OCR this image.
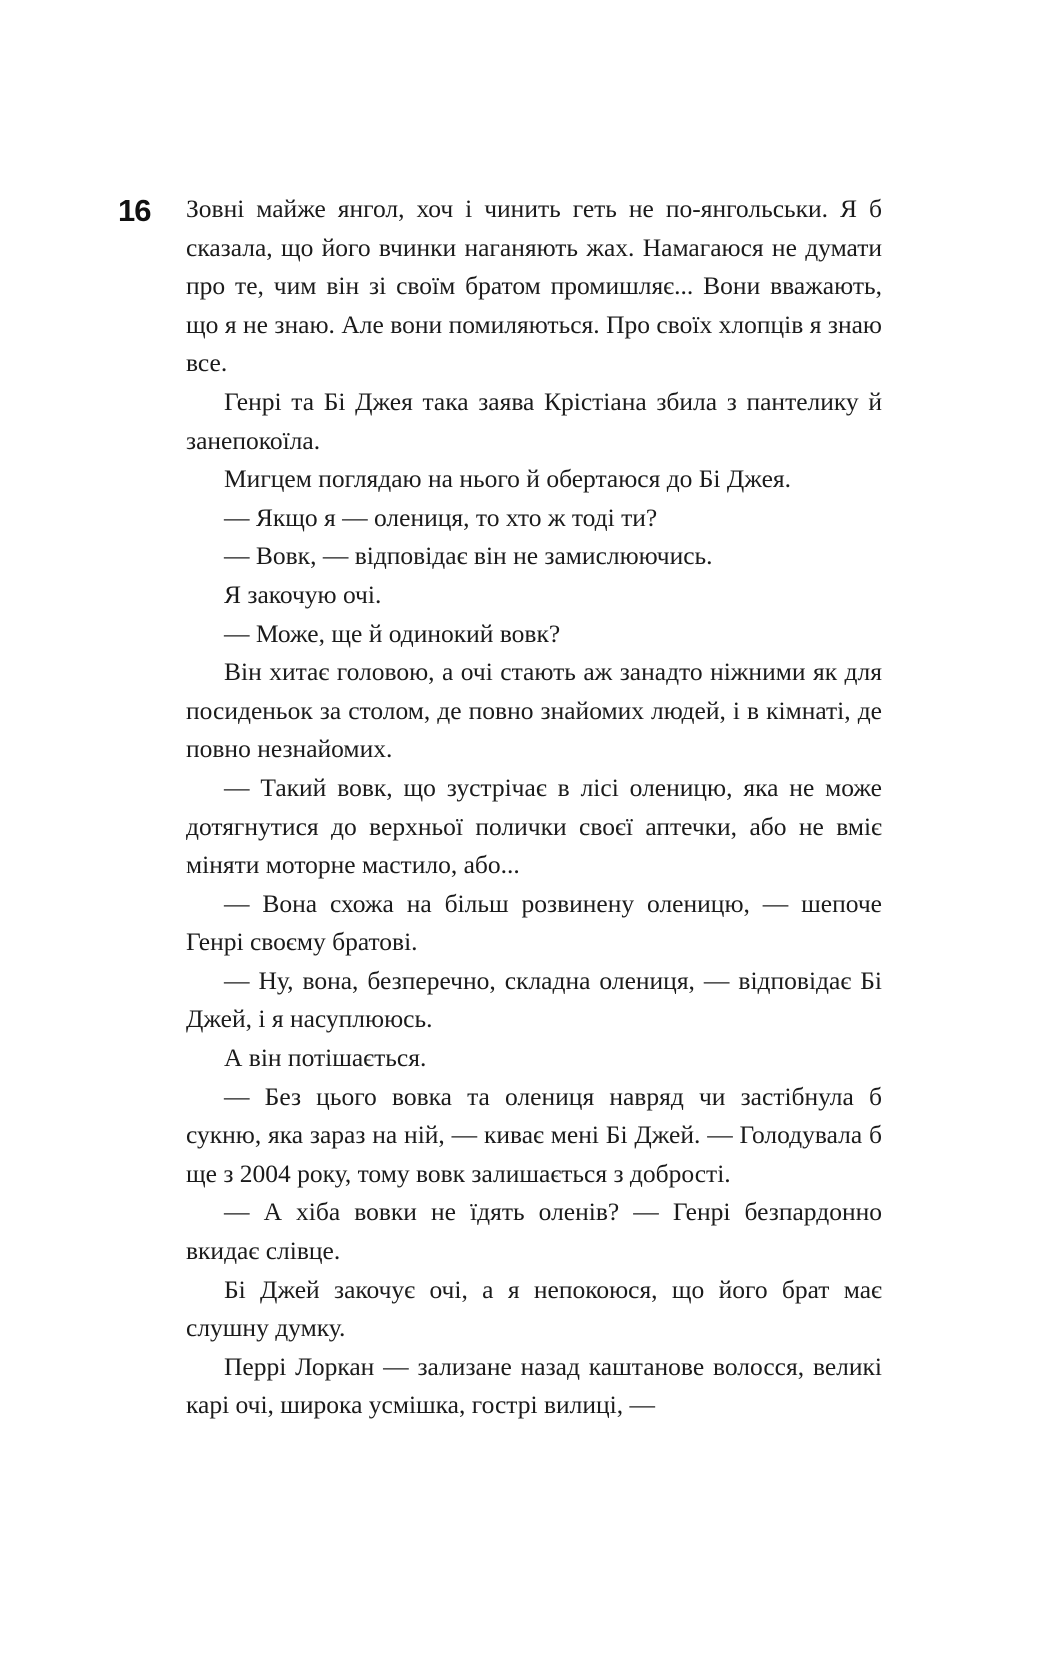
16 Зовні майже янгол, хоч і чинить геть не по-янгольськи. Я б сказала, що його вчинки наганяють жах. Намагаюся не думати про те, чим він зі своїм братом промишляє... Вони вважають, що я не знаю. Але вони помиляються. Про своїх хлопців я знаю все.

Генрі та Бі Джея така заява Крістіана збила з пантелику й занепокоїла.

Мигцем поглядаю на нього й обертаюся до Бі Джея.

— Якщо я — олениця, то хто ж тоді ти?

— Вовк, — відповідає він не замислюючись.

Я закочую очі.

— Може, ще й одинокий вовк?

Він хитає головою, а очі стають аж занадто ніжними як для посиденьок за столом, де повно знайомих людей, і в кімнаті, де повно незнайомих.

— Такий вовк, що зустрічає в лісі оленицю, яка не може дотягнутися до верхньої полички своєї аптечки, або не вміє міняти моторне мастило, або...

— Вона схожа на більш розвинену оленицю, — шепоче Генрі своєму братові.

— Ну, вона, безперечно, складна олениця, — відповідає Бі Джей, і я насуплююсь.

А він потішається.

— Без цього вовка та олениця навряд чи застібнула б сукню, яка зараз на ній, — киває мені Бі Джей. — Голодувала б ще з 2004 року, тому вовк залишається з добрості.

— А хіба вовки не їдять оленів? — Генрі безпардонно вкидає слівце.

Бі Джей закочує очі, а я непокоюся, що його брат має слушну думку.

Перрі Лоркан — зализане назад каштанове волосся, великі карі очі, широка усмішка, гострі вилиці, —
